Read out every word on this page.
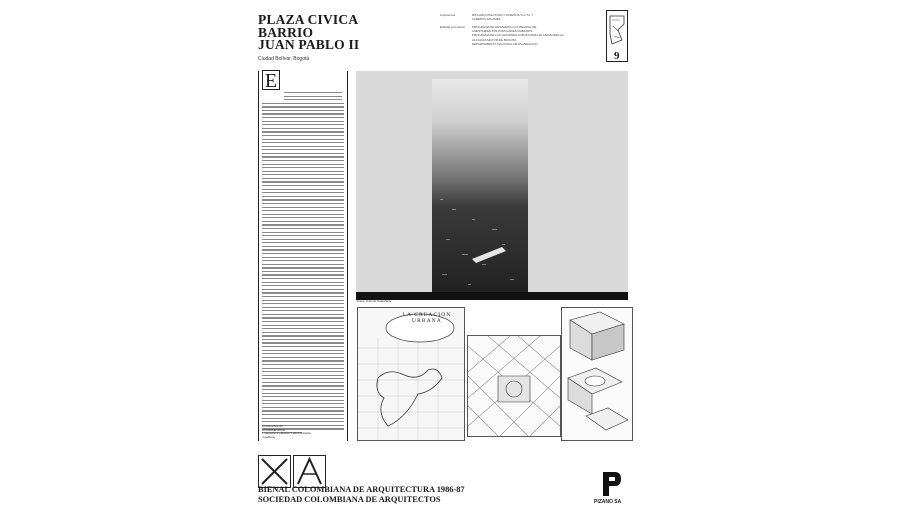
PLAZA CIVICA
BARRIO
JUAN PABLO II
Ciudad Bolívar, Bogotá
Arquitectos	RITA ARQUITECTURA Y DISEÑOS S.A. M. Y.
ALBERTO ZALAMEA
Entidad promotora PROGRAMA DE DESARROLLO INTEGRAL DE
ASENTAMIENTOS POPULARES URBANOS
PROGRAMA DE LAS NACIONES UNIDAS PARA EL DESARROLLO
ALCALDIA MAYOR DE BOGOTA
DEPARTAMENTO NACIONAL DE PLANEACION
9
E
LOCALIZACION
AXONOMETRICO
1 ubicación 2 pabellón 3 administración
4 auditorio
Fotos: Antonio Castañeda
LA CREACION
URBANA
BIENAL COLOMBIANA DE ARQUITECTURA 1986-87
SOCIEDAD COLOMBIANA DE ARQUITECTOS	PIZANO SA
